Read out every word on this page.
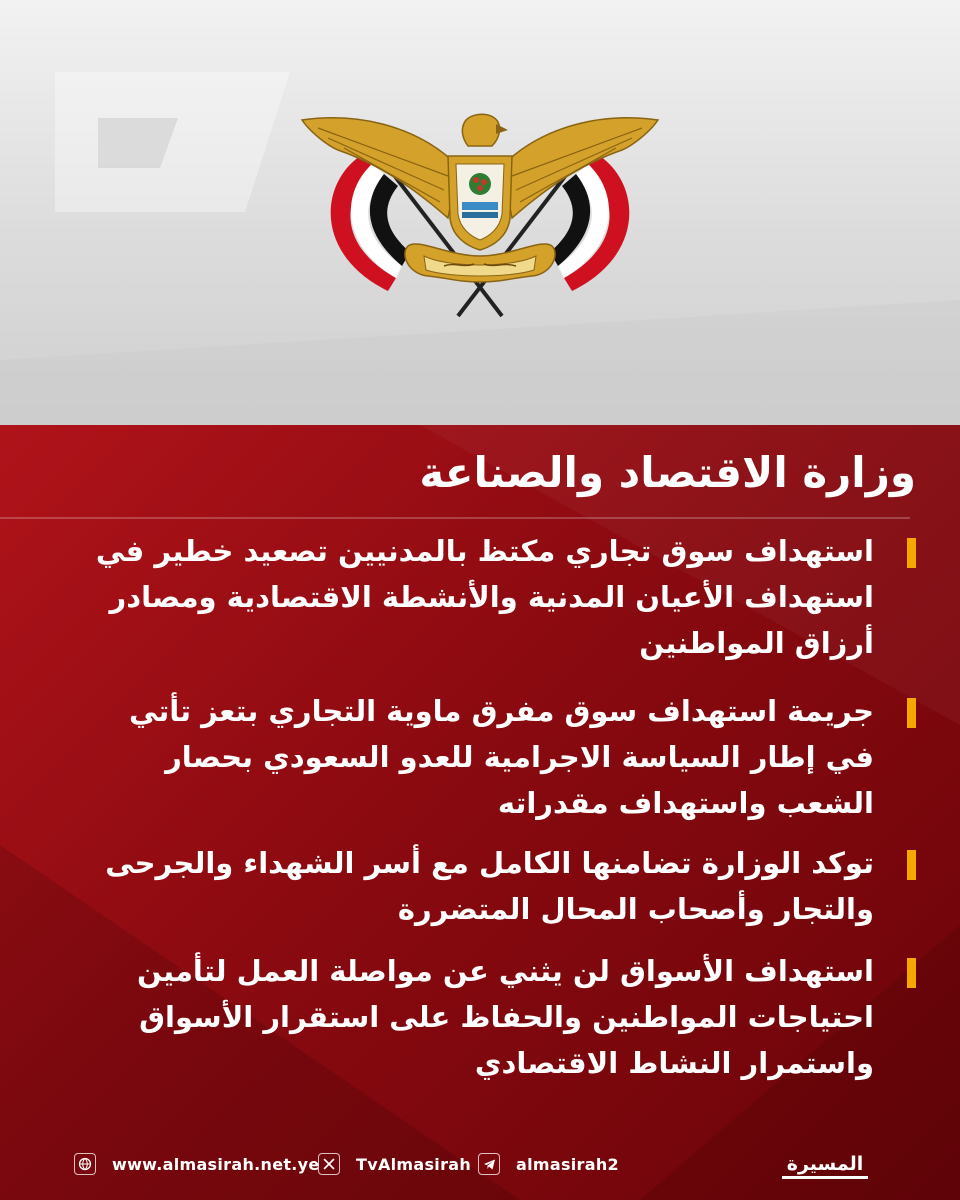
وزارة الاقتصاد والصناعة
استهداف سوق تجاري مكتظ بالمدنيين تصعيد خطير في استهداف الأعيان المدنية والأنشطة الاقتصادية ومصادر أرزاق المواطنين
جريمة استهداف سوق مفرق ماوية التجاري بتعز تأتي في إطار السياسة الاجرامية للعدو السعودي بحصار الشعب واستهداف مقدراته
توكد الوزارة تضامنها الكامل مع أسر الشهداء والجرحى والتجار وأصحاب المحال المتضررة
استهداف الأسواق لن يثني عن مواصلة العمل لتأمين احتياجات المواطنين والحفاظ على استقرار الأسواق واستمرار النشاط الاقتصادي
www.almasirah.net.ye TvAlmasirah	almasirah2	المسيرة
